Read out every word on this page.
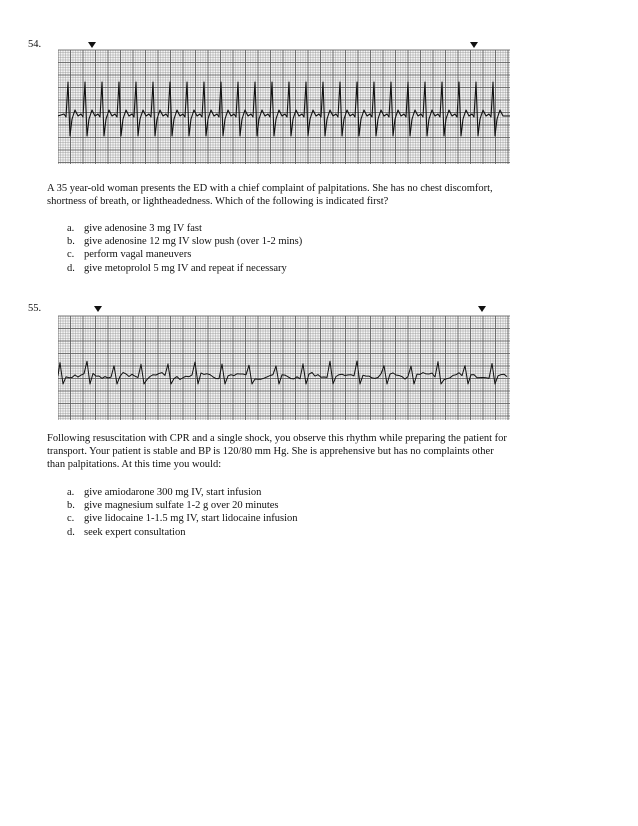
54.

A 35 year-old woman presents the ED with a chief complaint of palpitations. She has no chest discomfort,
shortness of breath, or lightheadedness. Which of the following is indicated first?

a. give adenosine 3 mg IV fast
b. give adenosine 12 mg IV slow push (over 1-2 mins)
c. perform vagal maneuvers
d. give metoprolol 5 mg IV and repeat if necessary
55.

Following resuscitation with CPR and a single shock, you observe this rhythm while preparing the patient for
transport. Your patient is stable and BP is 120/80 mm Hg. She is apprehensive but has no complaints other
than palpitations. At this time you would:

a. give amiodarone 300 mg IV, start infusion
b. give magnesium sulfate 1-2 g over 20 minutes
c. give lidocaine 1-1.5 mg IV, start lidocaine infusion
d. seek expert consultation
